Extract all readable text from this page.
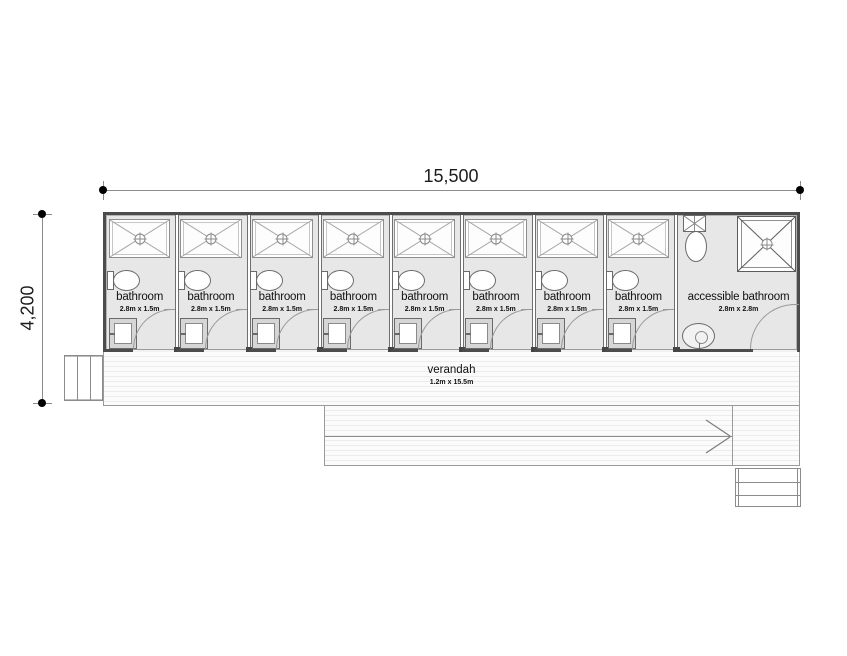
15,500
4,200	accessible bathroom
2.8m x 2.8m
bathroom
2.8m x 1.5m
bathroom
2.8m x 1.5m
bathroom
2.8m x 1.5m
bathroom
2.8m x 1.5m
bathroom
2.8m x 1.5m
bathroom
2.8m x 1.5m
bathroom
2.8m x 1.5m
bathroom
2.8m x 1.5m
verandah
1.2m x 15.5m
